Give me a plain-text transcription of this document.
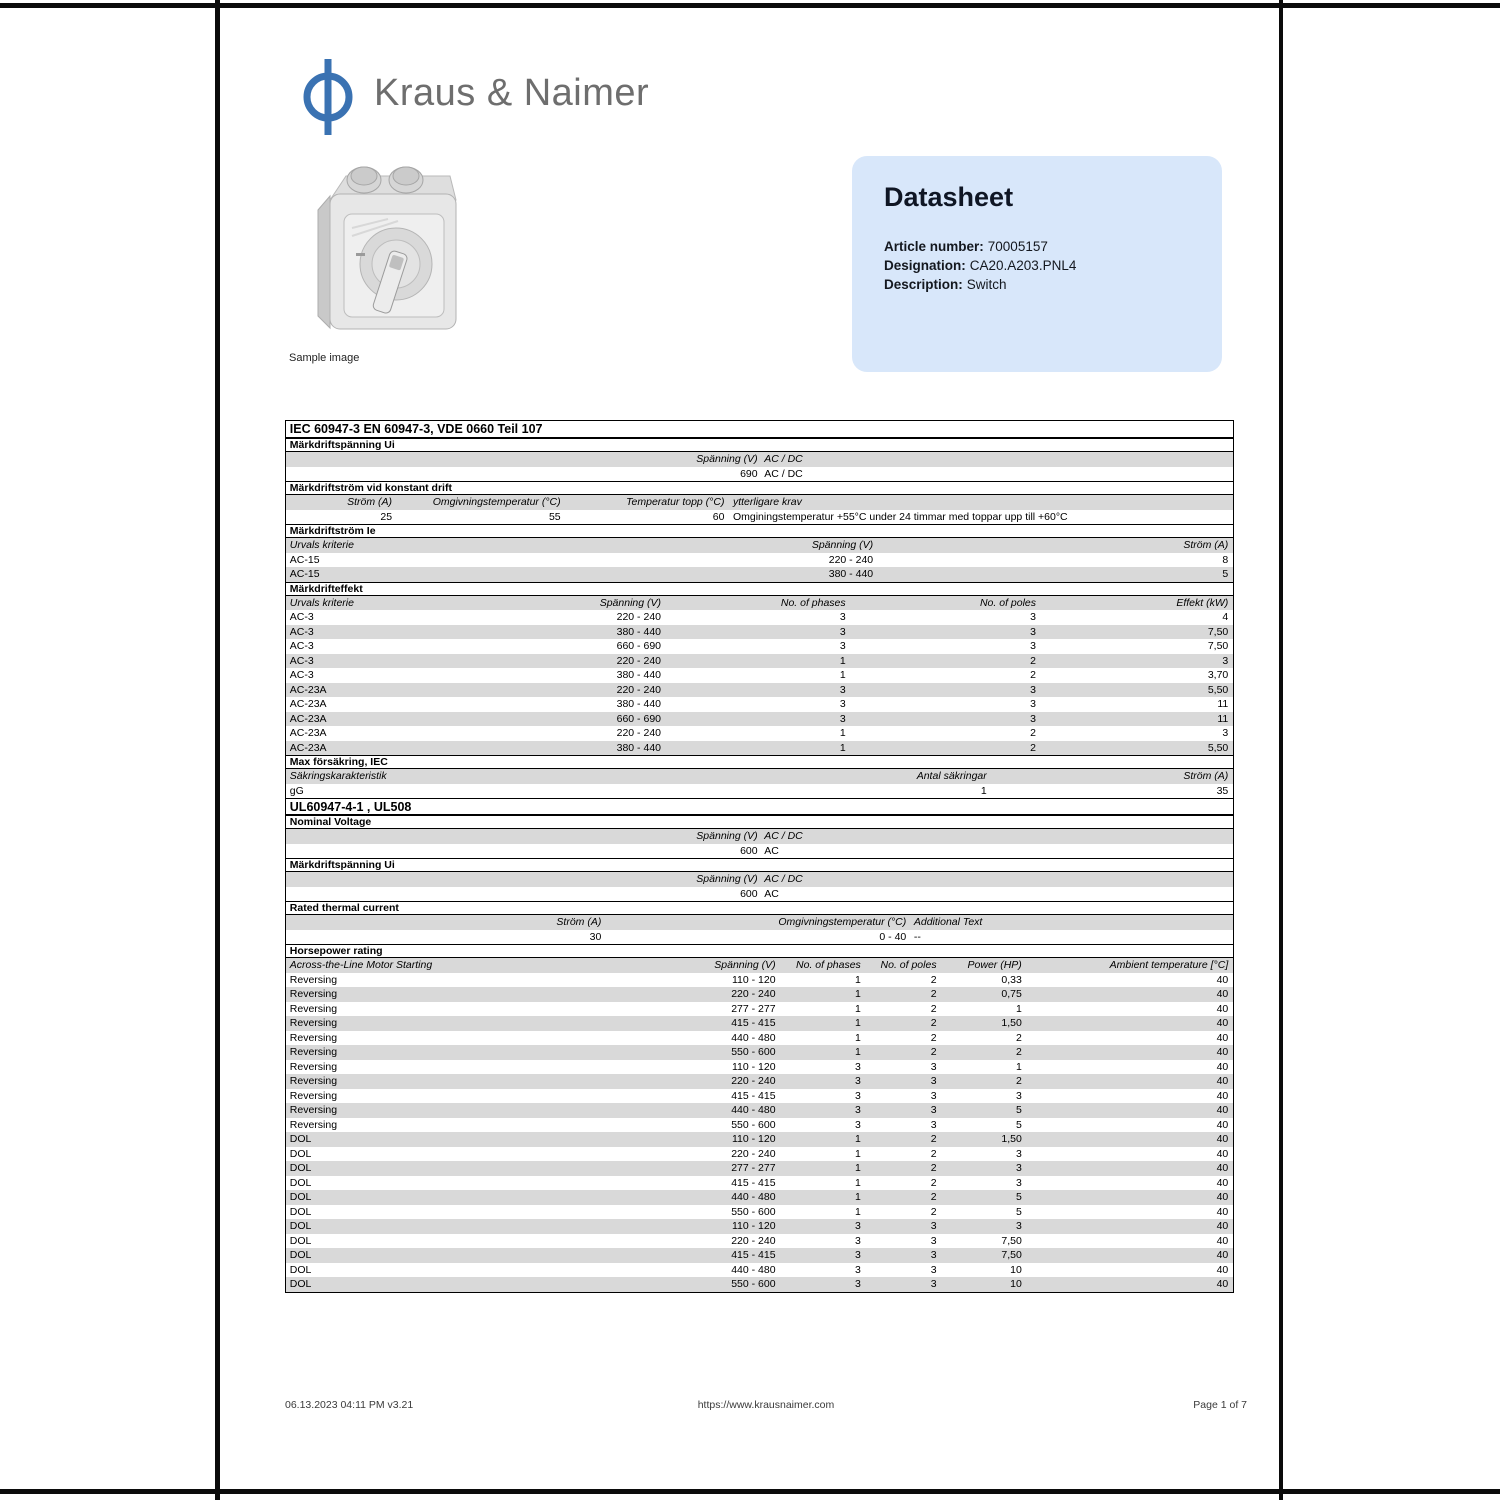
Kraus & Naimer
Sample image
Datasheet
Article number: 70005157
Designation: CA20.A203.PNL4
Description: Switch
IEC 60947-3 EN 60947-3, VDE 0660 Teil 107
Märkdriftspänning Ui
Spänning (V) AC / DC
690 AC / DC
Märkdriftström vid konstant drift
Ström (A)	Omgivningstemperatur (°C)	Temperatur topp (°C) ytterligare krav
25	55	60 Omginingstemperatur +55°C under 24 timmar med toppar upp till +60°C
Märkdriftström Ie
Urvals kriterie	Spänning (V)	Ström (A)
AC-15	220 - 240	8
AC-15	380 - 440	5
Märkdrifteffekt
Urvals kriterie	Spänning (V)	No. of phases	No. of poles	Effekt (kW)
AC-3	220 - 240	3	3	4
AC-3	380 - 440	3	3	7,50
AC-3	660 - 690	3	3	7,50
AC-3	220 - 240	1	2	3
AC-3	380 - 440	1	2	3,70
AC-23A	220 - 240	3	3	5,50
AC-23A	380 - 440	3	3	11
AC-23A	660 - 690	3	3	11
AC-23A	220 - 240	1	2	3
AC-23A	380 - 440	1	2	5,50
Max försäkring, IEC
Säkringskarakteristik	Antal säkringar	Ström (A)
gG	1	35
UL60947-4-1 , UL508
Nominal Voltage
Spänning (V) AC / DC
600 AC
Märkdriftspänning Ui
Spänning (V) AC / DC
600 AC
Rated thermal current
Ström (A)	Omgivningstemperatur (°C) Additional Text
30	0 - 40 --
Horsepower rating
Across-the-Line Motor Starting	Spänning (V)	No. of phases	No. of poles	Power (HP)	Ambient temperature [°C]
Reversing	110 - 120	1	2	0,33	40
Reversing	220 - 240	1	2	0,75	40
Reversing	277 - 277	1	2	1	40
Reversing	415 - 415	1	2	1,50	40
Reversing	440 - 480	1	2	2	40
Reversing	550 - 600	1	2	2	40
Reversing	110 - 120	3	3	1	40
Reversing	220 - 240	3	3	2	40
Reversing	415 - 415	3	3	3	40
Reversing	440 - 480	3	3	5	40
Reversing	550 - 600	3	3	5	40
DOL	110 - 120	1	2	1,50	40
DOL	220 - 240	1	2	3	40
DOL	277 - 277	1	2	3	40
DOL	415 - 415	1	2	3	40
DOL	440 - 480	1	2	5	40
DOL	550 - 600	1	2	5	40
DOL	110 - 120	3	3	3	40
DOL	220 - 240	3	3	7,50	40
DOL	415 - 415	3	3	7,50	40
DOL	440 - 480	3	3	10	40
DOL	550 - 600	3	3	10	40
06.13.2023 04:11 PM v3.21	https://www.krausnaimer.com	Page 1 of 7
